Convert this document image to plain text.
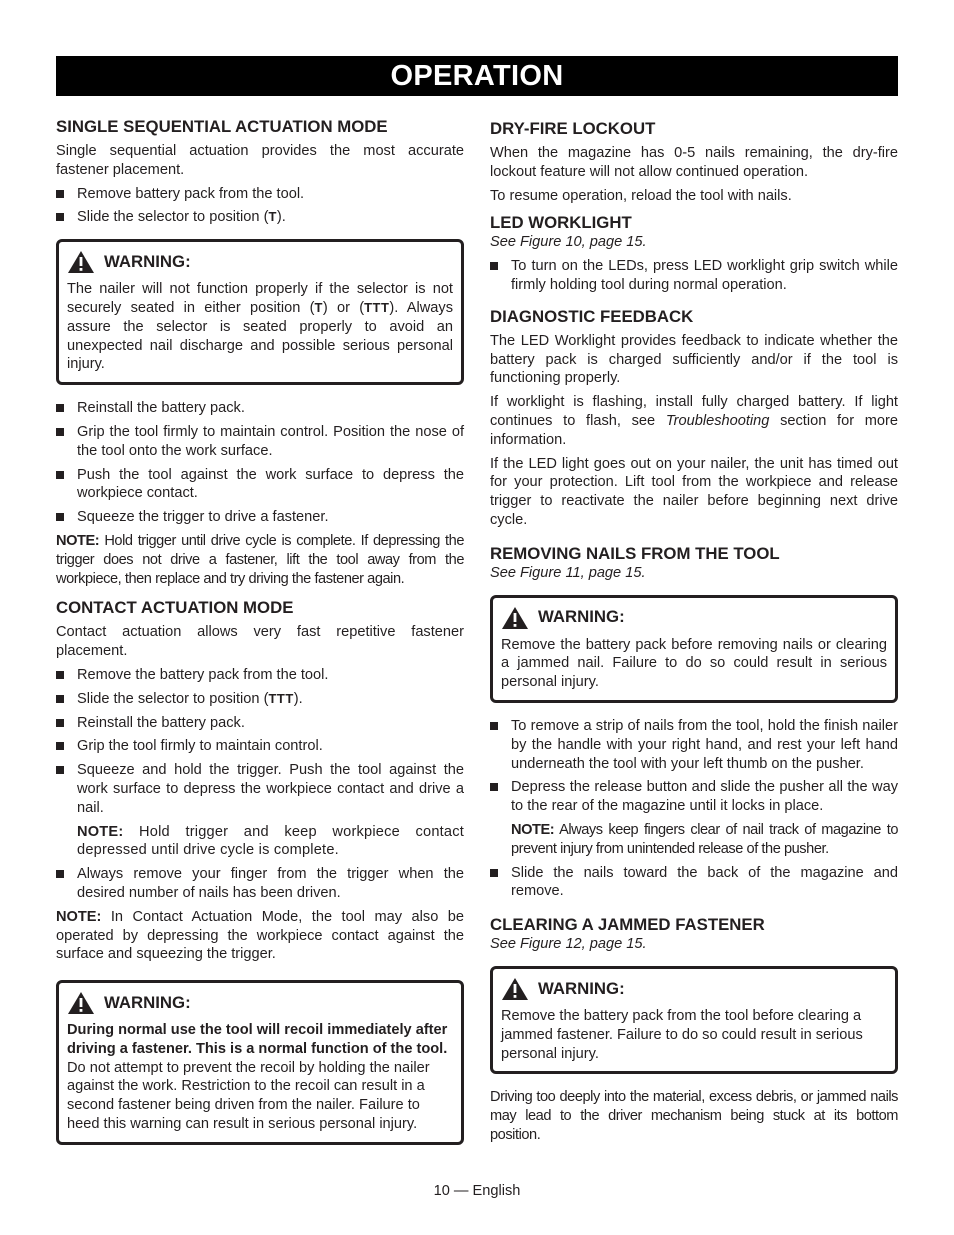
OPERATION
SINGLE SEQUENTIAL ACTUATION MODE

Single sequential actuation provides the most accurate fastener placement.

Remove battery pack from the tool.
Slide the selector to position (T).
WARNING:

The nailer will not function properly if the selector is not securely seated in either position (T) or (TTT). Always assure the selector is seated properly to avoid an unexpected nail discharge and possible serious personal injury.

Reinstall the battery pack.
Grip the tool firmly to maintain control. Position the nose of the tool onto the work surface.
Push the tool against the work surface to depress the workpiece contact.
Squeeze the trigger to drive a fastener.

NOTE: Hold trigger until drive cycle is complete. If depressing the trigger does not drive a fastener, lift the tool away from the workpiece, then replace and try driving the fastener again.

CONTACT ACTUATION MODE

Contact actuation allows very fast repetitive fastener placement.

Remove the battery pack from the tool.
Slide the selector to position (TTT).
Reinstall the battery pack.
Grip the tool firmly to maintain control.
Squeeze and hold the trigger. Push the tool against the work surface to depress the workpiece contact and drive a nail.

NOTE: Hold trigger and keep workpiece contact depressed until drive cycle is complete.

Always remove your finger from the trigger when the desired number of nails has been driven.

NOTE: In Contact Actuation Mode, the tool may also be operated by depressing the workpiece contact against the surface and squeezing the trigger.

WARNING:

During normal use the tool will recoil immediately after driving a fastener. This is a normal function of the tool. Do not attempt to prevent the recoil by holding the nailer against the work. Restriction to the recoil can result in a second fastener being driven from the nailer. Failure to heed this warning can result in serious personal injury.

DRY-FIRE LOCKOUT

When the magazine has 0-5 nails remaining, the dry-fire lockout feature will not allow continued operation.

To resume operation, reload the tool with nails.

LED WORKLIGHT

See Figure 10, page 15.

To turn on the LEDs, press LED worklight grip switch while firmly holding tool during normal operation.
DIAGNOSTIC FEEDBACK

The LED Worklight provides feedback to indicate whether the battery pack is charged sufficiently and/or if the tool is functioning properly.

If worklight is flashing, install fully charged battery. If light continues to flash, see Troubleshooting section for more information.

If the LED light goes out on your nailer, the unit has timed out for your protection. Lift tool from the workpiece and release trigger to reactivate the nailer before beginning next drive cycle.

REMOVING NAILS FROM THE TOOL

See Figure 11, page 15.

WARNING:

Remove the battery pack before removing nails or clearing a jammed nail. Failure to do so could result in serious personal injury.

To remove a strip of nails from the tool, hold the finish nailer by the handle with your right hand, and rest your left hand underneath the tool with your left thumb on the pusher.
Depress the release button and slide the pusher all the way to the rear of the magazine until it locks in place.

NOTE: Always keep fingers clear of nail track of magazine to prevent injury from unintended release of the pusher.

Slide the nails toward the back of the magazine and remove.
CLEARING A JAMMED FASTENER

See Figure 12, page 15.

WARNING:

Remove the battery pack from the tool before clearing a jammed fastener. Failure to do so could result in serious personal injury.

Driving too deeply into the material, excess debris, or jammed nails may lead to the driver mechanism being stuck at its bottom position.

10 — English
